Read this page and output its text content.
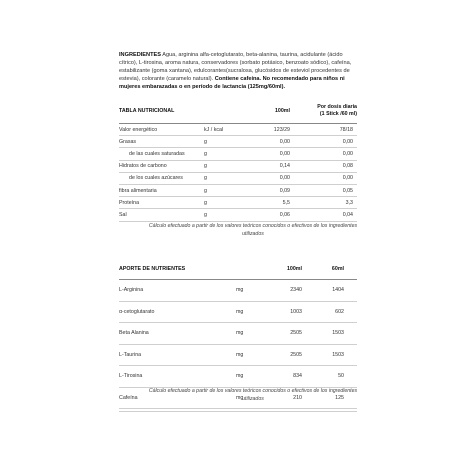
INGREDIENTES Agua, arginina alfa-cetoglutarato, beta-alanina, taurina, acidulante (ácido cítrico), L-tirosina, aroma natura, conservadores (sorbato potásico, benzoato sódico), cafeína, estabilizante (goma xantana), edulcorantes(sucralosa, glucósidos de esteviol procedentes de estevia), colorante (caramelo natural). Contiene cafeína. No recomendado para niños ni mujeres embarazadas o en período de lactancia (125mg/60ml).
TABLA NUTRICIONAL		100ml	Por dosis diaria
(1 Stick /60 ml)
Valor energético	kJ / kcal	123/29	78/18
Grasas	g	0,00	0,00
de las cuales saturadas	g	0,00	0,00
Hidratos de carbono	g	0,14	0,08
de los cuales azúcares	g	0,00	0,00
fibra alimentaria	g	0,09	0,05
Proteína	g	5,5	3,3
Sal	g	0,06	0,04
Cálculo efectuado a partir de los valores teóricos conocidos o efectivos de los ingredientes utilizados
APORTE DE NUTRIENTES		100ml	60ml
L-Arginina	mg	2340	1404
α-cetoglutarato	mg	1003	602
Beta Alanina	mg	2505	1503
L-Taurina	mg	2505	1503
L-Tirosina	mg	834	50
Cafeína	mg	210	125
Cálculo efectuado a partir de los valores teóricos conocidos o efectivos de los ingredientes utilizados
